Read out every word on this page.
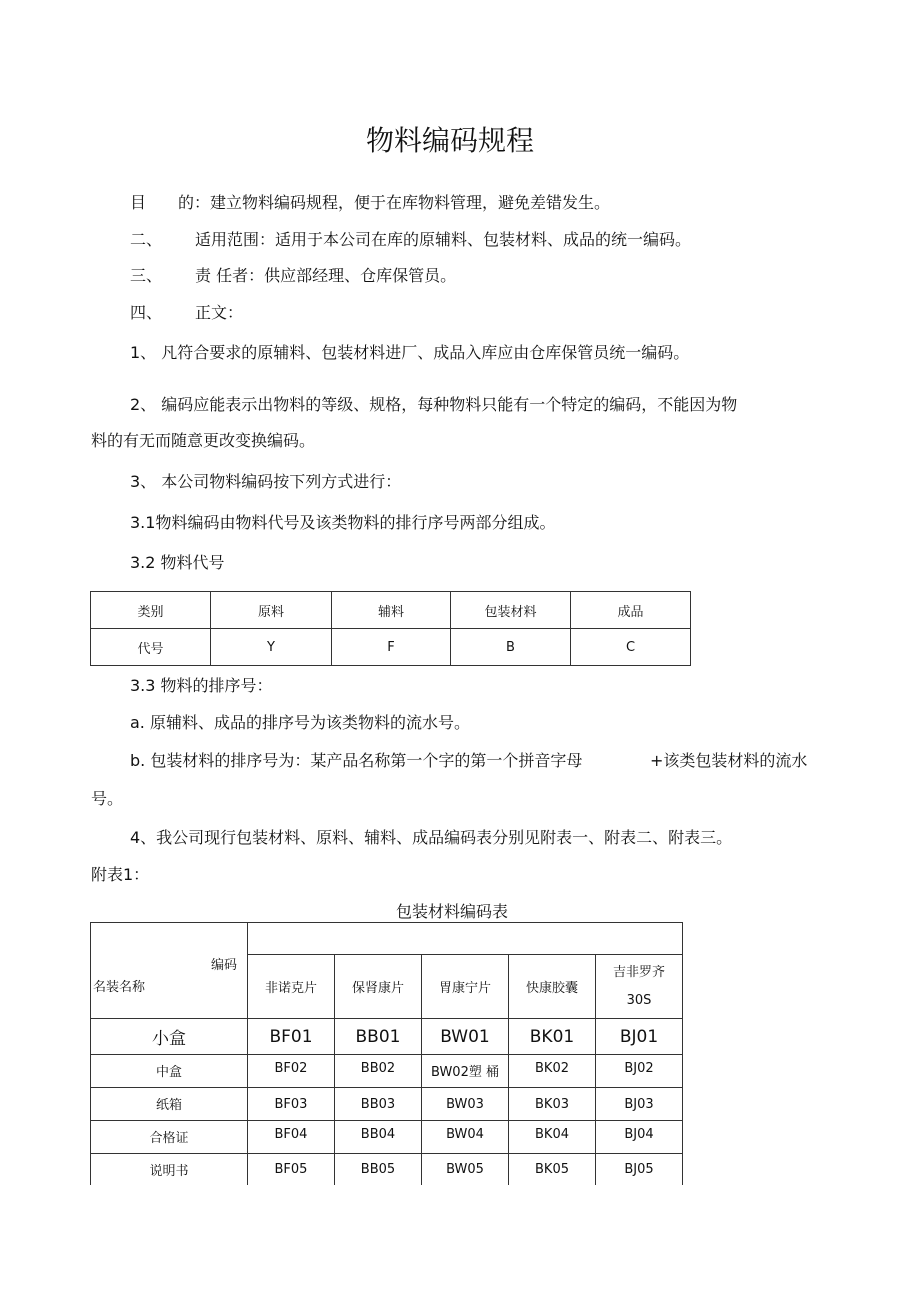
物料编码规程
目　　的：建立物料编码规程，便于在库物料管理，避免差错发生。
二、 适用范围：适用于本公司在库的原辅料、包装材料、成品的统一编码。
三、 责 任者：供应部经理、仓库保管员。
四、 正文：
1、 凡符合要求的原辅料、包装材料进厂、成品入库应由仓库保管员统一编码。
2、 编码应能表示出物料的等级、规格，每种物料只能有一个特定的编码，不能因为物
料的有无而随意更改变换编码。
3、 本公司物料编码按下列方式进行：
3.1物料编码由物料代号及该类物料的排行序号两部分组成。
3.2 物料代号
类别	原料	辅料	包装材料	成品
代号	Y	F	B	C
3.3 物料的排序号：
a. 原辅料、成品的排序号为该类物料的流水号。
b. 包装材料的排序号为：某产品名称第一个字的第一个拼音字母	+该类包装材料的流水
号。
4、我公司现行包装材料、原料、辅料、成品编码表分别见附表一、附表二、附表三。
附表1：
包装材料编码表
编码
名装名称					

	非诺克片	保肾康片	胃康宁片	快康胶囊	吉非罗齐
30S

小盒	BF01	BB01	BW01	BK01	BJ01
中盒	BF02	BB02	BW02塑 桶	BK02	BJ02
纸箱	BF03	BB03	BW03	BK03	BJ03
合格证	BF04	BB04	BW04	BK04	BJ04
说明书	BF05	BB05	BW05	BK05	BJ05
